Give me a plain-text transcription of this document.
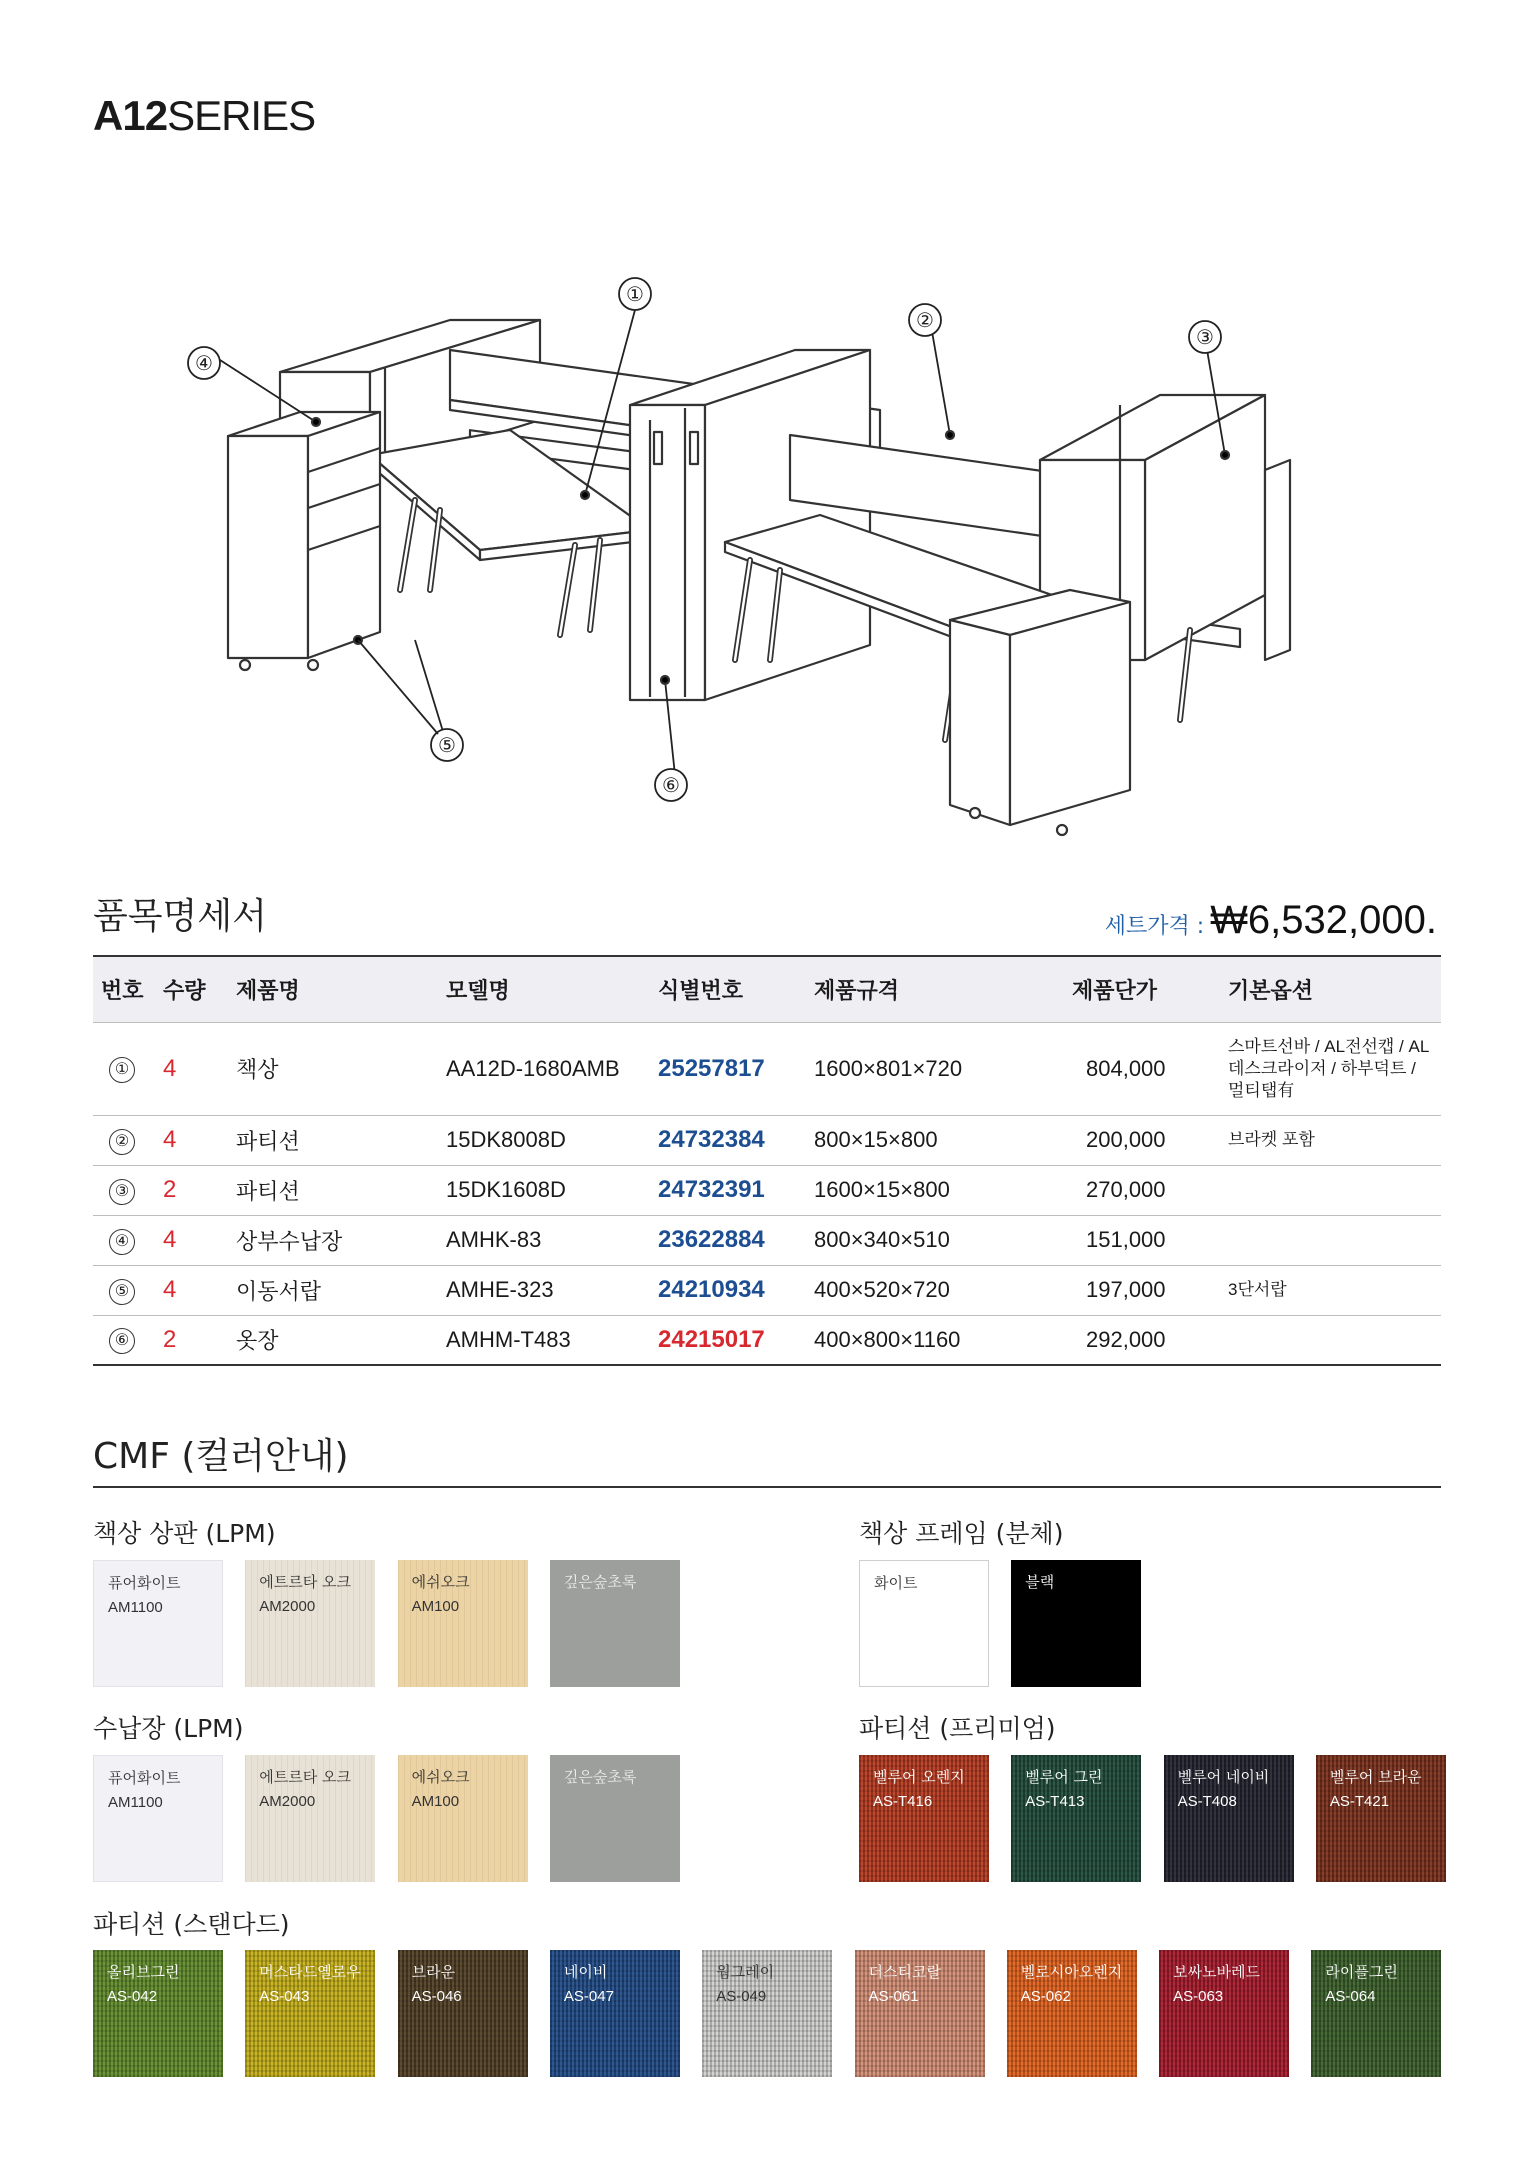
A12SERIES
①
②
③
④
⑤
⑥
품목명세서	세트가격 : ₩6,532,000.
번호	수량	제품명	모델명	식별번호	제품규격	제품단가	기본옵션
①	4	책상	AA12D-1680AMB	25257817	1600×801×720	804,000	스마트선바 / AL전선캡 / AL 데스크라이저 / 하부덕트 / 멀티탭有
②	4	파티션	15DK8008D	24732384	800×15×800	200,000	브라켓 포함
③	2	파티션	15DK1608D	24732391	1600×15×800	270,000	
④	4	상부수납장	AMHK-83	23622884	800×340×510	151,000	
⑤	4	이동서랍	AMHE-323	24210934	400×520×720	197,000	3단서랍
⑥	2	옷장	AMHM-T483	24215017	400×800×1160	292,000	
CMF (컬러안내)
책상 상판 (LPM)	책상 프레임 (분체)
수납장 (LPM)	파티션 (프리미엄)
파티션 (스탠다드)
퓨어화이트
AM1100
에트르타 오크
AM2000
에쉬오크
AM100
깊은숲초록	화이트	블랙
퓨어화이트
AM1100
에트르타 오크
AM2000
에쉬오크
AM100
깊은숲초록	벨루어 오렌지
AS-T416
벨루어 그린
AS-T413
벨루어 네이비
AS-T408
벨루어 브라운
AS-T421
올리브그린
AS-042
머스타드옐로우
AS-043
브라운
AS-046
네이비
AS-047
웜그레이
AS-049
더스티코랄
AS-061
벨로시아오렌지
AS-062
보싸노바레드
AS-063
라이플그린
AS-064
